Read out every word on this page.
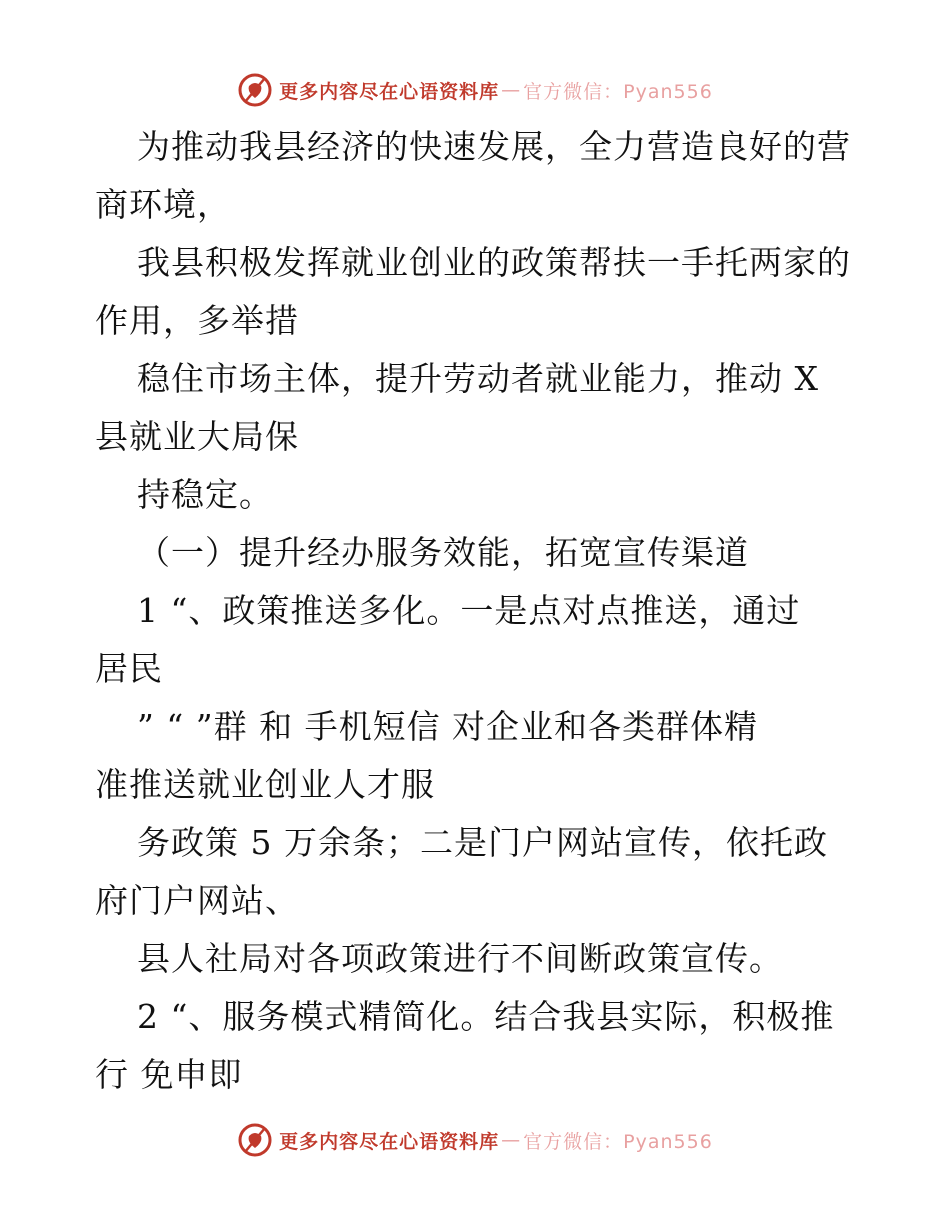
更多内容尽在心语资料库 — 官方微信：Pyan556
为推动我县经济的快速发展，全力营造良好的营
商环境，
我县积极发挥就业创业的政策帮扶一手托两家的
作用，多举措
稳住市场主体，提升劳动者就业能力，推动 X
县就业大局保
持稳定。
（一）提升经办服务效能，拓宽宣传渠道
1 “、政策推送多化。一是点对点推送，通过
居民
” “ ”群 和 手机短信 对企业和各类群体精
准推送就业创业人才服
务政策 5 万余条；二是门户网站宣传，依托政
府门户网站、
县人社局对各项政策进行不间断政策宣传。
2 “、服务模式精简化。结合我县实际，积极推
行 免申即
更多内容尽在心语资料库 — 官方微信：Pyan556
